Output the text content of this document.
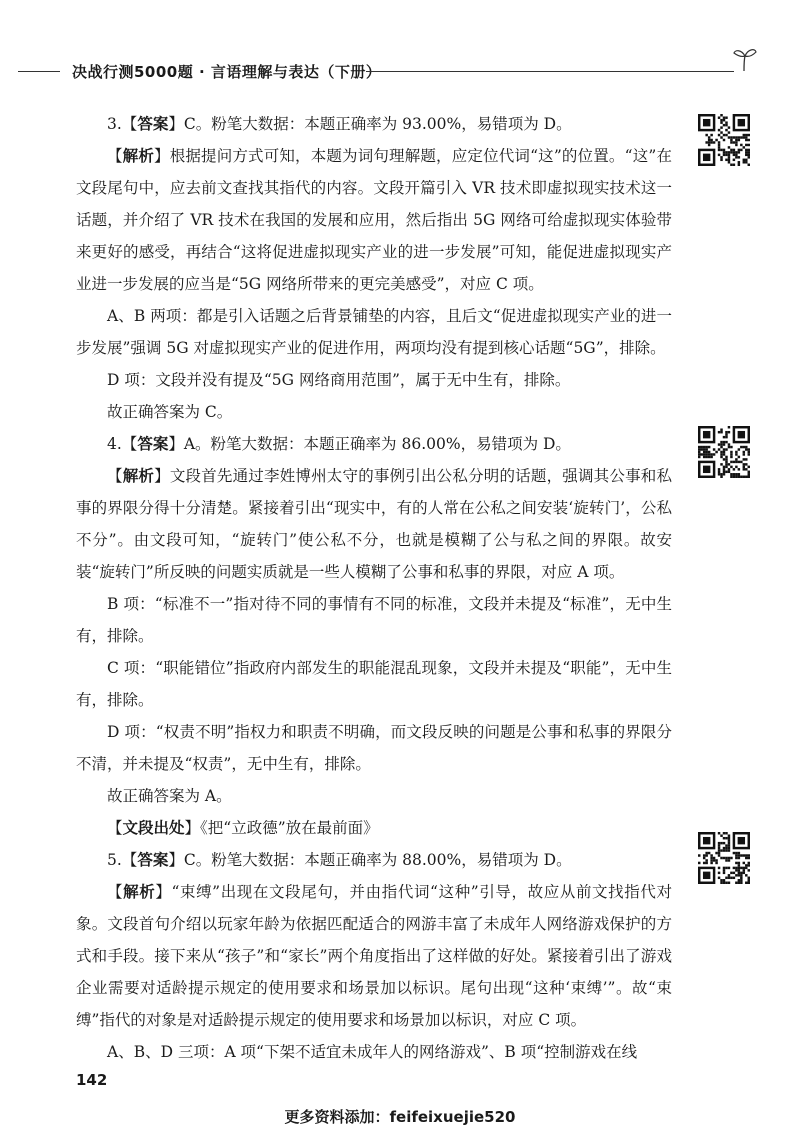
决战行测5000题 · 言语理解与表达（下册）

3.【答案】C。粉笔大数据：本题正确率为 93.00%，易错项为 D。

【解析】根据提问方式可知，本题为词句理解题，应定位代词“这”的位置。“这”在文段尾句中，应去前文查找其指代的内容。文段开篇引入 VR 技术即虚拟现实技术这一话题，并介绍了 VR 技术在我国的发展和应用，然后指出 5G 网络可给虚拟现实体验带来更好的感受，再结合“这将促进虚拟现实产业的进一步发展”可知，能促进虚拟现实产业进一步发展的应当是“5G 网络所带来的更完美感受”，对应 C 项。

A、B 两项：都是引入话题之后背景铺垫的内容，且后文“促进虚拟现实产业的进一步发展”强调 5G 对虚拟现实产业的促进作用，两项均没有提到核心话题“5G”，排除。

D 项：文段并没有提及“5G 网络商用范围”，属于无中生有，排除。

故正确答案为 C。

4.【答案】A。粉笔大数据：本题正确率为 86.00%，易错项为 D。

【解析】文段首先通过李姓博州太守的事例引出公私分明的话题，强调其公事和私事的界限分得十分清楚。紧接着引出“现实中，有的人常在公私之间安装‘旋转门’，公私不分”。由文段可知，“旋转门”使公私不分，也就是模糊了公与私之间的界限。故安装“旋转门”所反映的问题实质就是一些人模糊了公事和私事的界限，对应 A 项。

B 项：“标准不一”指对待不同的事情有不同的标准，文段并未提及“标准”，无中生有，排除。

C 项：“职能错位”指政府内部发生的职能混乱现象，文段并未提及“职能”，无中生有，排除。

D 项：“权责不明”指权力和职责不明确，而文段反映的问题是公事和私事的界限分不清，并未提及“权责”，无中生有，排除。

故正确答案为 A。

【文段出处】《把“立政德”放在最前面》

5.【答案】C。粉笔大数据：本题正确率为 88.00%，易错项为 D。

【解析】“束缚”出现在文段尾句，并由指代词“这种”引导，故应从前文找指代对象。文段首句介绍以玩家年龄为依据匹配适合的网游丰富了未成年人网络游戏保护的方式和手段。接下来从“孩子”和“家长”两个角度指出了这样做的好处。紧接着引出了游戏企业需要对适龄提示规定的使用要求和场景加以标识。尾句出现“这种‘束缚’”。故“束缚”指代的对象是对适龄提示规定的使用要求和场景加以标识，对应 C 项。

A、B、D 三项：A 项“下架不适宜未成年人的网络游戏”、B 项“控制游戏在线

142
更多资料添加：feifeixuejie520
